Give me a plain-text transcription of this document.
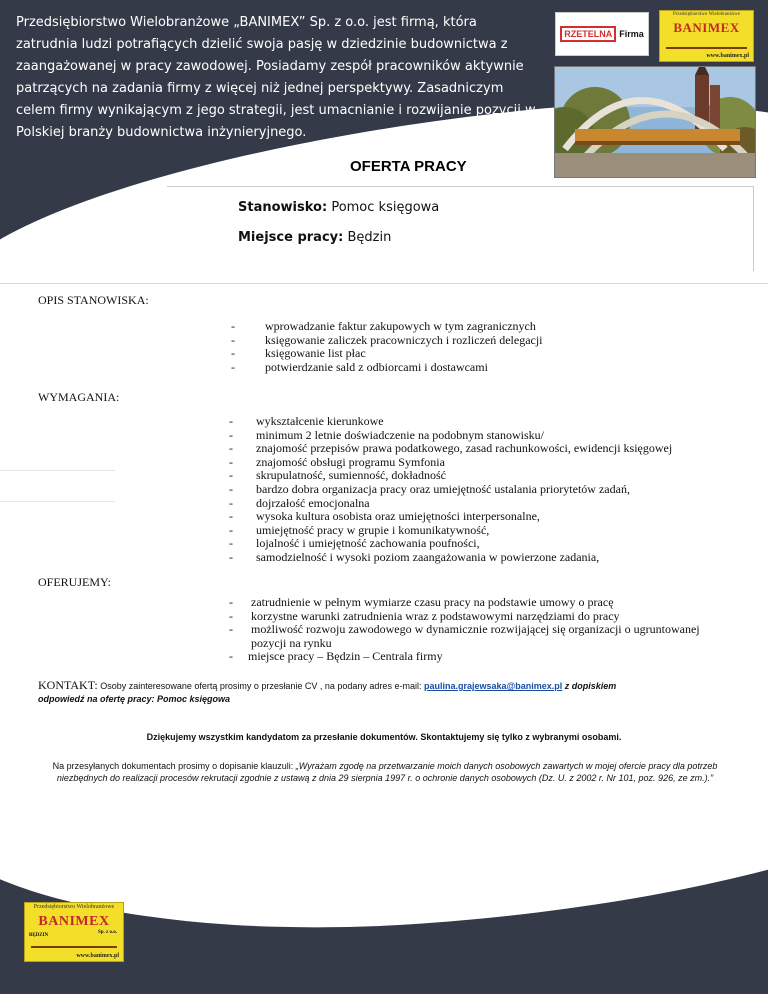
Przedsiębiorstwo Wielobranżowe „BANIMEX” Sp. z o.o. jest firmą, która zatrudnia ludzi potrafiących dzielić swoja pasję w dziedzinie budownictwa z zaangażowanej w pracy zawodowej. Posiadamy zespół pracowników aktywnie patrzących na zadania firmy z więcej niż jednej perspektywy. Zasadniczym celem firmy wynikającym z jego strategii, jest umacnianie i rozwijanie pozycji w Polskiej branży budownictwa inżynieryjnego.
RZETELNA Firma
Przedsiębiorstwo Wielobranżowe
BANIMEX
www.banimex.pl
OFERTA PRACY
Stanowisko: Pomoc księgowa
Miejsce pracy: Będzin
OPIS STANOWISKA:
-	wprowadzanie faktur zakupowych w tym zagranicznych
-	księgowanie zaliczek pracowniczych i rozliczeń delegacji
-	księgowanie list płac
-	potwierdzanie sald z odbiorcami i dostawcami
WYMAGANIA:
- wykształcenie kierunkowe
- minimum 2 letnie doświadczenie na podobnym stanowisku/
- znajomość przepisów prawa podatkowego, zasad rachunkowości, ewidencji księgowej
- znajomość obsługi programu Symfonia
- skrupulatność, sumienność, dokładność
- bardzo dobra organizacja pracy oraz umiejętność ustalania priorytetów zadań,
- dojrzałość emocjonalna
- wysoka kultura osobista oraz umiejętności interpersonalne,
- umiejętność pracy w grupie i komunikatywność,
- lojalność i umiejętność zachowania poufności,
- samodzielność i wysoki poziom zaangażowania w powierzone zadania,
OFERUJEMY:
- zatrudnienie w pełnym wymiarze czasu pracy na podstawie umowy o pracę
- korzystne warunki zatrudnienia wraz z podstawowymi narzędziami do pracy
- możliwość rozwoju zawodowego w dynamicznie rozwijającej się organizacji o ugruntowanej
pozycji na rynku
- miejsce pracy – Będzin – Centrala firmy
KONTAKT: Osoby zainteresowane ofertą prosimy o przesłanie CV , na podany adres e-mail: paulina.grajewsaka@banimex.pl z dopiskiem
odpowiedź na ofertę pracy: Pomoc księgowa
Dziękujemy wszystkim kandydatom za przesłanie dokumentów. Skontaktujemy się tylko z wybranymi osobami.
Na przesyłanych dokumentach prosimy o dopisanie klauzuli: „Wyrażam zgodę na przetwarzanie moich danych osobowych zawartych w mojej ofercie pracy dla potrzeb niezbędnych do realizacji procesów rekrutacji zgodnie z ustawą z dnia 29 sierpnia 1997 r. o ochronie danych osobowych (Dz. U. z 2002 r. Nr 101, poz. 926, ze zm.).”
Przedsiębiorstwo Wielobranżowe
BANIMEX
Sp. z o.o.
BĘDZIN
www.banimex.pl
